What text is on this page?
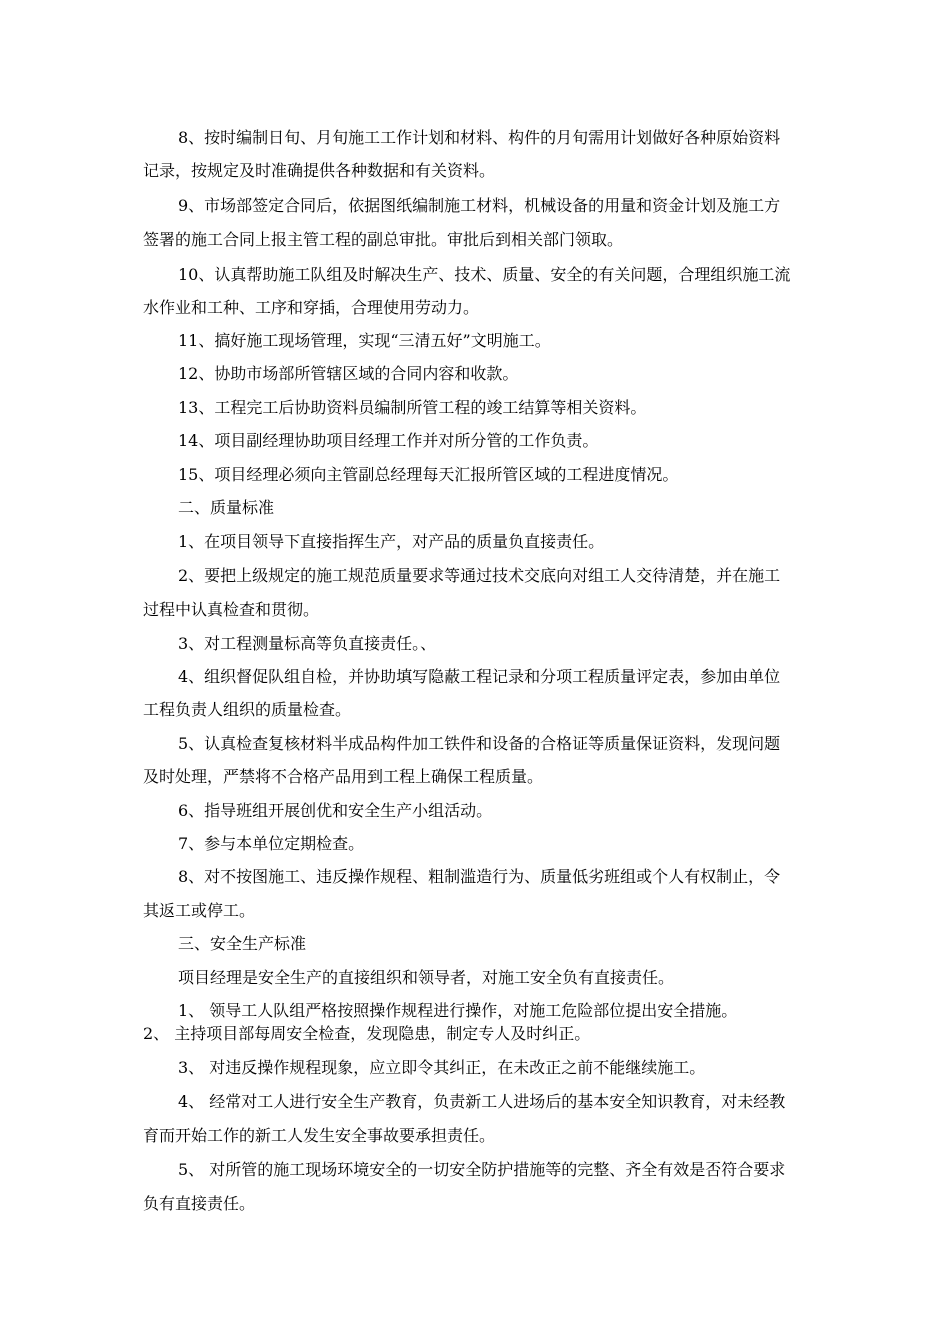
8、按时编制日旬、月旬施工工作计划和材料、构件的月旬需用计划做好各种原始资料
记录，按规定及时准确提供各种数据和有关资料。
9、市场部签定合同后，依据图纸编制施工材料，机械设备的用量和资金计划及施工方
签署的施工合同上报主管工程的副总审批。审批后到相关部门领取。
10、认真帮助施工队组及时解决生产、技术、质量、安全的有关问题，合理组织施工流
水作业和工种、工序和穿插，合理使用劳动力。
11、搞好施工现场管理，实现“三清五好”文明施工。
12、协助市场部所管辖区域的合同内容和收款。
13、工程完工后协助资料员编制所管工程的竣工结算等相关资料。
14、项目副经理协助项目经理工作并对所分管的工作负责。
15、项目经理必须向主管副总经理每天汇报所管区域的工程进度情况。
二、质量标准
1、在项目领导下直接指挥生产，对产品的质量负直接责任。
2、要把上级规定的施工规范质量要求等通过技术交底向对组工人交待清楚，并在施工
过程中认真检查和贯彻。
3、对工程测量标高等负直接责任。、
4、组织督促队组自检，并协助填写隐蔽工程记录和分项工程质量评定表，参加由单位
工程负责人组织的质量检查。
5、认真检查复核材料半成品构件加工铁件和设备的合格证等质量保证资料，发现问题
及时处理，严禁将不合格产品用到工程上确保工程质量。
6、指导班组开展创优和安全生产小组活动。
7、参与本单位定期检查。
8、对不按图施工、违反操作规程、粗制滥造行为、质量低劣班组或个人有权制止，令
其返工或停工。
三、安全生产标准
项目经理是安全生产的直接组织和领导者，对施工安全负有直接责任。
1、 领导工人队组严格按照操作规程进行操作，对施工危险部位提出安全措施。
2、 主持项目部每周安全检查，发现隐患，制定专人及时纠正。
3、 对违反操作规程现象，应立即令其纠正，在未改正之前不能继续施工。
4、 经常对工人进行安全生产教育，负责新工人进场后的基本安全知识教育，对未经教
育而开始工作的新工人发生安全事故要承担责任。
5、 对所管的施工现场环境安全的一切安全防护措施等的完整、齐全有效是否符合要求
负有直接责任。
